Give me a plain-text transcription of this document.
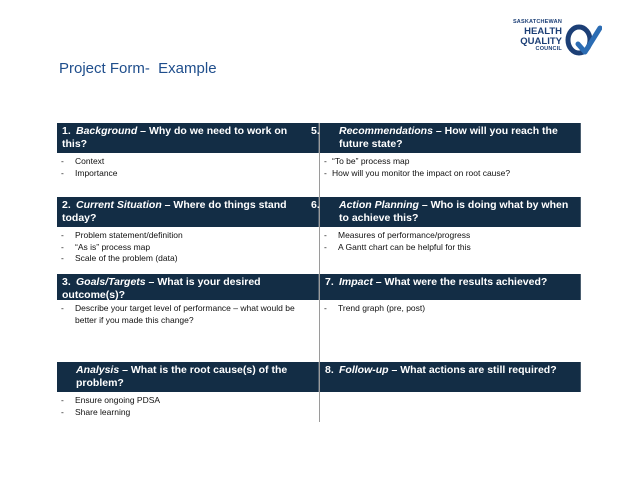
SASKATCHEWAN
HEALTH
QUALITY
COUNCIL
Project Form-  Example
1. Background – Why do we need to work on this?
-	Context
-	Importance
5. Recommendations – How will you reach the future state?
- “To be” process map
- How will you monitor the impact on root cause?
2. Current Situation – Where do things stand today?
-	Problem statement/definition
-	“As is” process map
-	Scale of the problem (data)
6. Action Planning – Who is doing what by when to achieve this?
-	Measures of performance/progress
-	A Gantt chart can be helpful for this
3. Goals/Targets – What is your desired outcome(s)?
-	Describe your target level of performance – what would be better if you made this change?
7. Impact – What were the results achieved?
-	Trend graph (pre, post)
4. Analysis – What is the root cause(s) of the problem?
-	Ensure ongoing PDSA
-	Share learning
8. Follow-up – What actions are still required?
